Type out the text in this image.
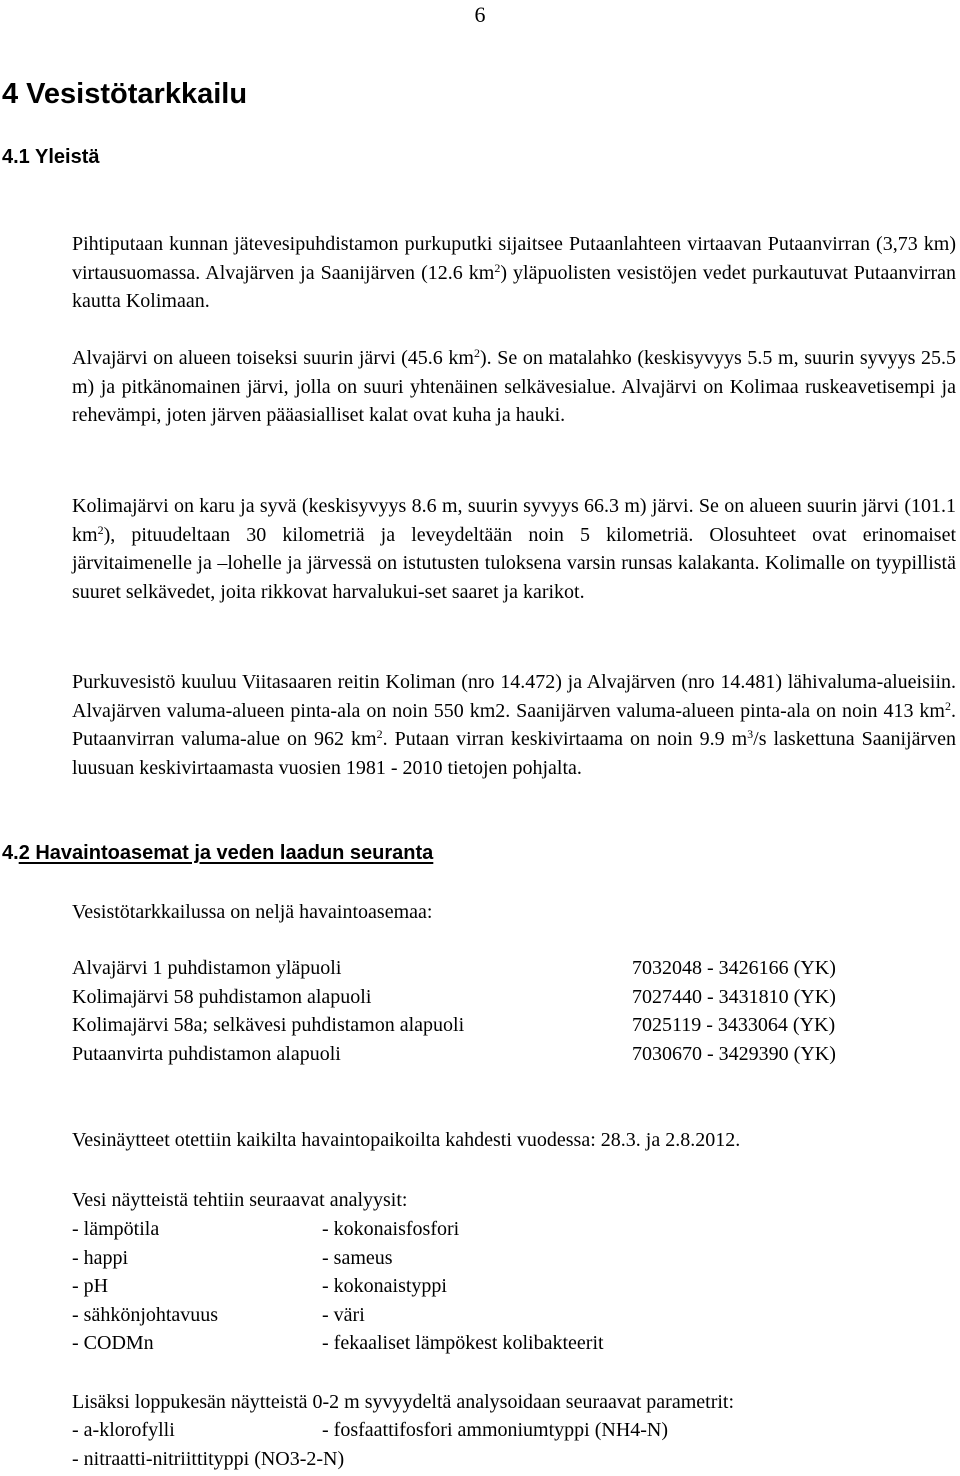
6
4 Vesistötarkkailu
4.1 Yleistä

Pihtiputaan kunnan jätevesipuhdistamon purkuputki sijaitsee Putaanlahteen virtaavan Putaanvirran (3,73 km) virtausuomassa. Alvajärven ja Saanijärven (12.6 $km^2$) yläpuolisten vesistöjen vedet purkautuvat Putaanvirran kautta Kolimaan.

Alvajärvi on alueen toiseksi suurin järvi (45.6 $km^2$). Se on matalahko (keskisyvyys 5.5 m, suurin syvyys 25.5 m) ja pitkänomainen järvi, jolla on suuri yhtenäinen selkävesialue. Alvajärvi on Kolimaa ruskeavetisempi ja rehevämpi, joten järven pääasialliset kalat ovat kuha ja hauki.

Kolimajärvi on karu ja syvä (keskisyvyys 8.6 m, suurin syvyys 66.3 m) järvi. Se on alueen suurin järvi (101.1 $km^2$), pituudeltaan 30 kilometriä ja leveydeltään noin 5 kilometriä. Olosuhteet ovat erinomaiset järvitaimenelle ja –lohelle ja järvessä on istutusten tuloksena varsin runsas kalakanta. Kolimalle on tyypillistä suuret selkävedet, joita rikkovat harvalukui-set saaret ja karikot.

Purkuvesistö kuuluu Viitasaaren reitin Koliman (nro 14.472) ja Alvajärven (nro 14.481) lähivaluma-alueisiin. Alvajärven valuma-alueen pinta-ala on noin 550 km2. Saanijärven valuma-alueen pinta-ala on noin 413 $km^2$. Putaanvirran valuma-alue on 962 $km^2$. Putaan virran keskivirtaama on noin 9.9 $m^3/s$ laskettuna Saanijärven luusuan keskivirtaamasta vuosien 1981 - 2010 tietojen pohjalta.

4.2 Havaintoasemat ja veden laadun seuranta

Vesistötarkkailussa on neljä havaintoasemaa:

Alvajärvi 1 puhdistamon yläpuoli	7032048 - 3426166 (YK)
Kolimajärvi 58 puhdistamon alapuoli	7027440 - 3431810 (YK)
Kolimajärvi 58a; selkävesi puhdistamon alapuoli	7025119 - 3433064 (YK)
Putaanvirta puhdistamon alapuoli	7030670 - 3429390 (YK)

Vesinäytteet otettiin kaikilta havaintopaikoilta kahdesti vuodessa: 28.3. ja 2.8.2012.

Vesi näytteistä tehtiin seuraavat analyysit:

- lämpötila	- kokonaisfosfori
- happi	- sameus
- pH	- kokonaistyppi
- sähkönjohtavuus	- väri
- CODMn	- fekaaliset lämpökest kolibakteerit

Lisäksi loppukesän näytteistä 0-2 m syvyydeltä analysoidaan seuraavat parametrit:

- a-klorofylli	- fosfaattifosfori ammoniumtyppi (NH4-N)
- nitraatti-nitriittityppi (NO3-2-N)
